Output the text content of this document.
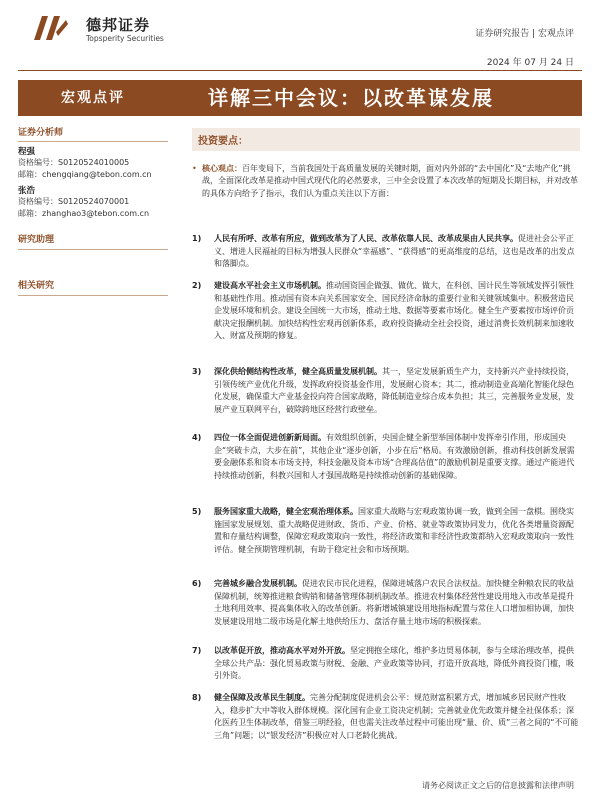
德邦证券
Topsperity Securities	证券研究报告 | 宏观点评
2024 年 07 月 24 日
宏观点评	详解三中会议：以改革谋发展
证券分析师
程强
资格编号：S0120524010005
邮箱：chengqiang@tebon.com.cn
张浩
资格编号：S0120524070001
邮箱：zhanghao3@tebon.com.cn
研究助理
相关研究
投资要点：
• 核心观点：百年变局下，当前我国处于高质量发展的关键时期，面对内外部的“去中国化”及“去地产化”挑战，全面深化改革是推动中国式现代化的必然要求，三中全会设置了本次改革的短期及长期目标，并对改革的具体方向给予了指示，我们认为重点关注以下方面：
1)	人民有所呼、改革有所应，做到改革为了人民、改革依靠人民、改革成果由人民共享。促进社会公平正义、增进人民福祉的目标为增强人民群众“幸福感”、“获得感”的更高维度的总结，这也是改革的出发点和落脚点。
2)	建设高水平社会主义市场机制。推动国资国企做强、做优、做大，在科创、国计民生等领域发挥引领性和基础性作用。推动国有资本向关系国家安全、国民经济命脉的重要行业和关键领域集中。积极营造民企发展环境和机会。建设全国统一大市场，推动土地、数据等要素市场化。健全生产要素按市场评价贡献决定报酬机制。加快结构性宏观再创新体系，政府投资撬动全社会投资，通过消费长效机制来加速收入、财富及预期的修复。
3)	深化供给侧结构性改革，健全高质量发展机制。其一，坚定发展新质生产力，支持新兴产业持续投资，引领传统产业优化升级，发挥政府投资基金作用，发展耐心资本；其二，推动制造业高端化智能化绿色化发展，确保重大产业基金投向符合国家战略，降低制造业综合成本负担；其三，完善服务业发展，发展产业互联网平台，破除跨地区经营行政壁垒。
4)	四位一体全面促进创新新局面。有效组织创新，央国企健全新型举国体制中发挥牵引作用，形成国央企“突破卡点，大步在前”，其他企业“逐步创新，小步在后”格局。有效激励创新，推动科技创新发展需要金融体系和资本市场支持，科技金融及资本市场“合理高估值”的激励机制是重要支撑。通过产能进代持续推动创新，科教兴国和人才强国战略是持续推动创新的基础保障。
5)	服务国家重大战略，健全宏观治理体系。国家重大战略与宏观政策协调一致，做到全国一盘棋。围绕实施国家发展规划、重大战略促进财政、货币、产业、价格、就业等政策协同发力，优化各类增量资源配置和存量结构调整，保障宏观政策取向一致性，将经济政策和非经济性政策都纳入宏观政策取向一致性评估。健全预期管理机制，有助于稳定社会和市场预期。
6)	完善城乡融合发展机制。促进农民市民化进程，保障进城落户农民合法权益。加快健全种粮农民的收益保障机制，统筹推进粮食购销和储备管理体制机制改革。推进农村集体经营性建设用地入市改革是提升土地利用效率、提高集体收入的改革创新。将新增城镇建设用地指标配置与常住人口增加相协调，加快发展建设用地二级市场是化解土地供给压力、盘活存量土地市场的积极探索。
7)	以改革促开放，推动高水平对外开放。坚定拥抱全球化，维护多边贸易体制，参与全球治理改革，提供全球公共产品：强化贸易政策与财税、金融、产业政策等协同，打造开放高地，降低外商投资门槛，吸引外资。
8)	健全保障及改革民生制度。完善分配制度促进机会公平：规范财富积累方式，增加城乡居民财产性收入，稳步扩大中等收入群体规模。深化国有企业工资决定机制；完善就业优先政策并健全社保体系；深化医药卫生体制改革，借鉴三明经验，但也需关注改革过程中可能出现“量、价、质”三者之间的“不可能三角”问题；以“银发经济”积极应对人口老龄化挑战。
请务必阅读正文之后的信息披露和法律声明
